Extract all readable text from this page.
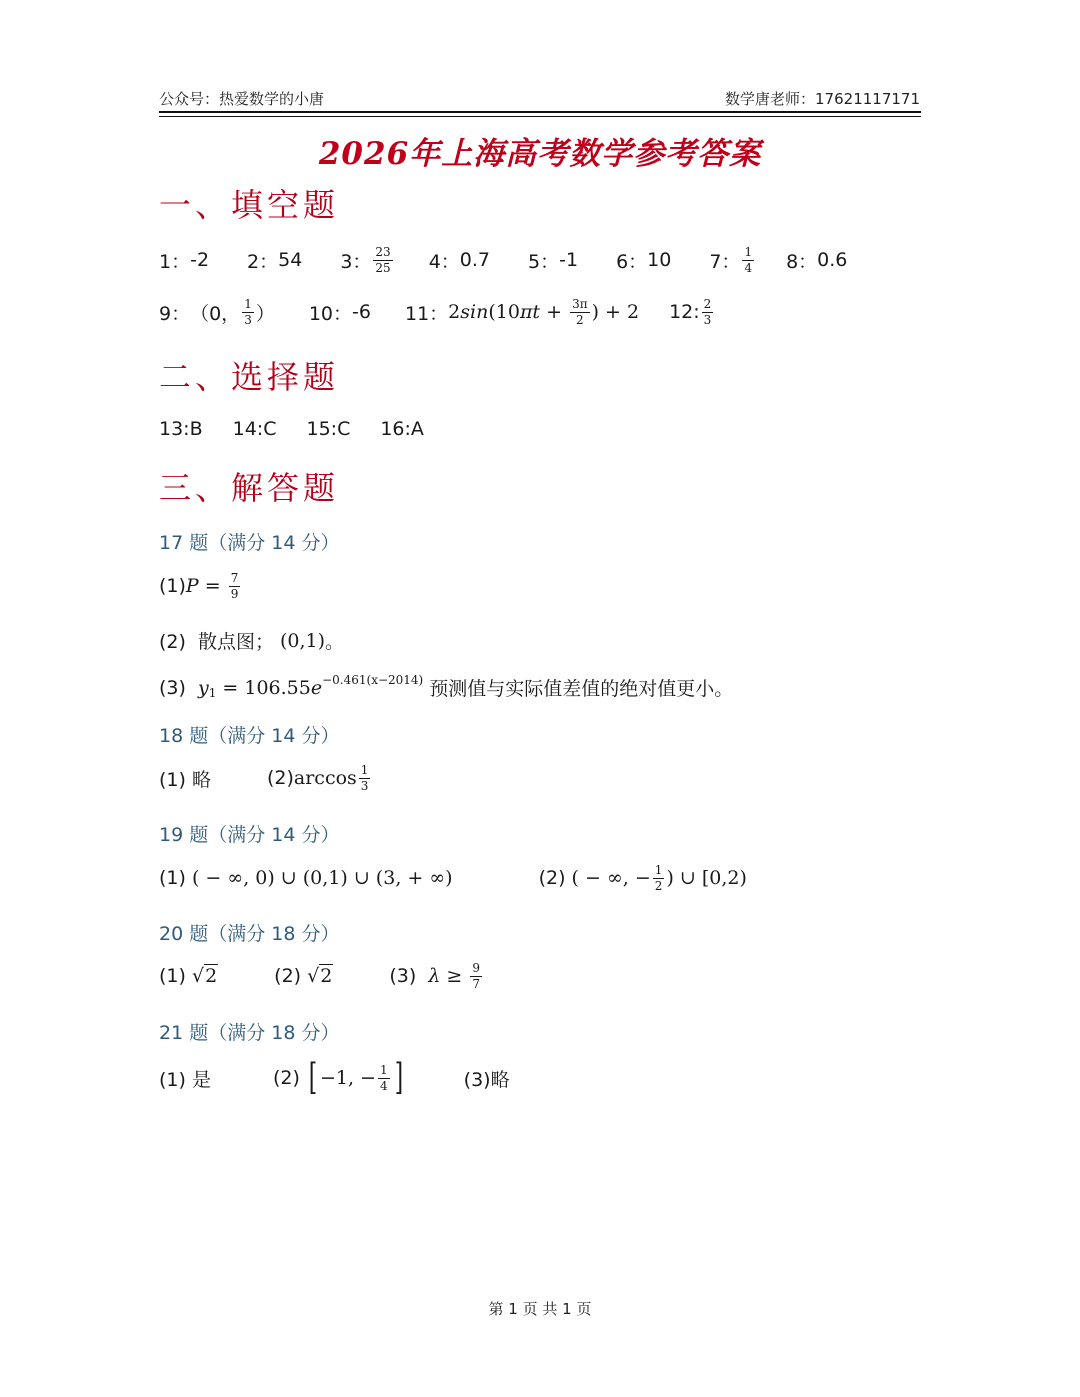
公众号：热爱数学的小唐	数学唐老师：17621117171
2026年上海高考数学参考答案
一、填空题
1： -2 2： 54 3： $\frac{23}{25} 4$： 0.7 5： -1 6： 10 7： $\frac{1}{4} 8$： 0.6
9： （0， $\frac{1}{3}$ ） 10： -6 11： 2 sin (10 $\pi t + \frac{3\pi}{2}$ ) + 2 12: $\frac{2}{3}$
二、选择题
13:B 14:C 15:C 16:A
三、解答题
17 题（满分 14 分）
(1) $P = \frac{7}{9}$
(2)  散点图； (0,1) 。
(3) $y_1 = 106.55$ $e^{-0.461(x-2014)}$ 预测值与实际值差值的绝对值更小。
18 题（满分 14 分）
(1) 略	(2) $\arccos \frac{1}{3}$
19 题（满分 14 分）
(1) ( − ∞, 0) ∪ (0,1) ∪ (3, + ∞)	(2) ( − ∞, − $\frac{1}{2}$ ) ∪ [0,2)
20 题（满分 18 分）
(1) √2	(2) √2	(3) $\lambda \ge \frac{9}{7}$
21 题（满分 18 分）
(1) 是	(2) [ −1, − $\frac{1}{4}$ ]	(3)略
第 1 页 共 1 页
